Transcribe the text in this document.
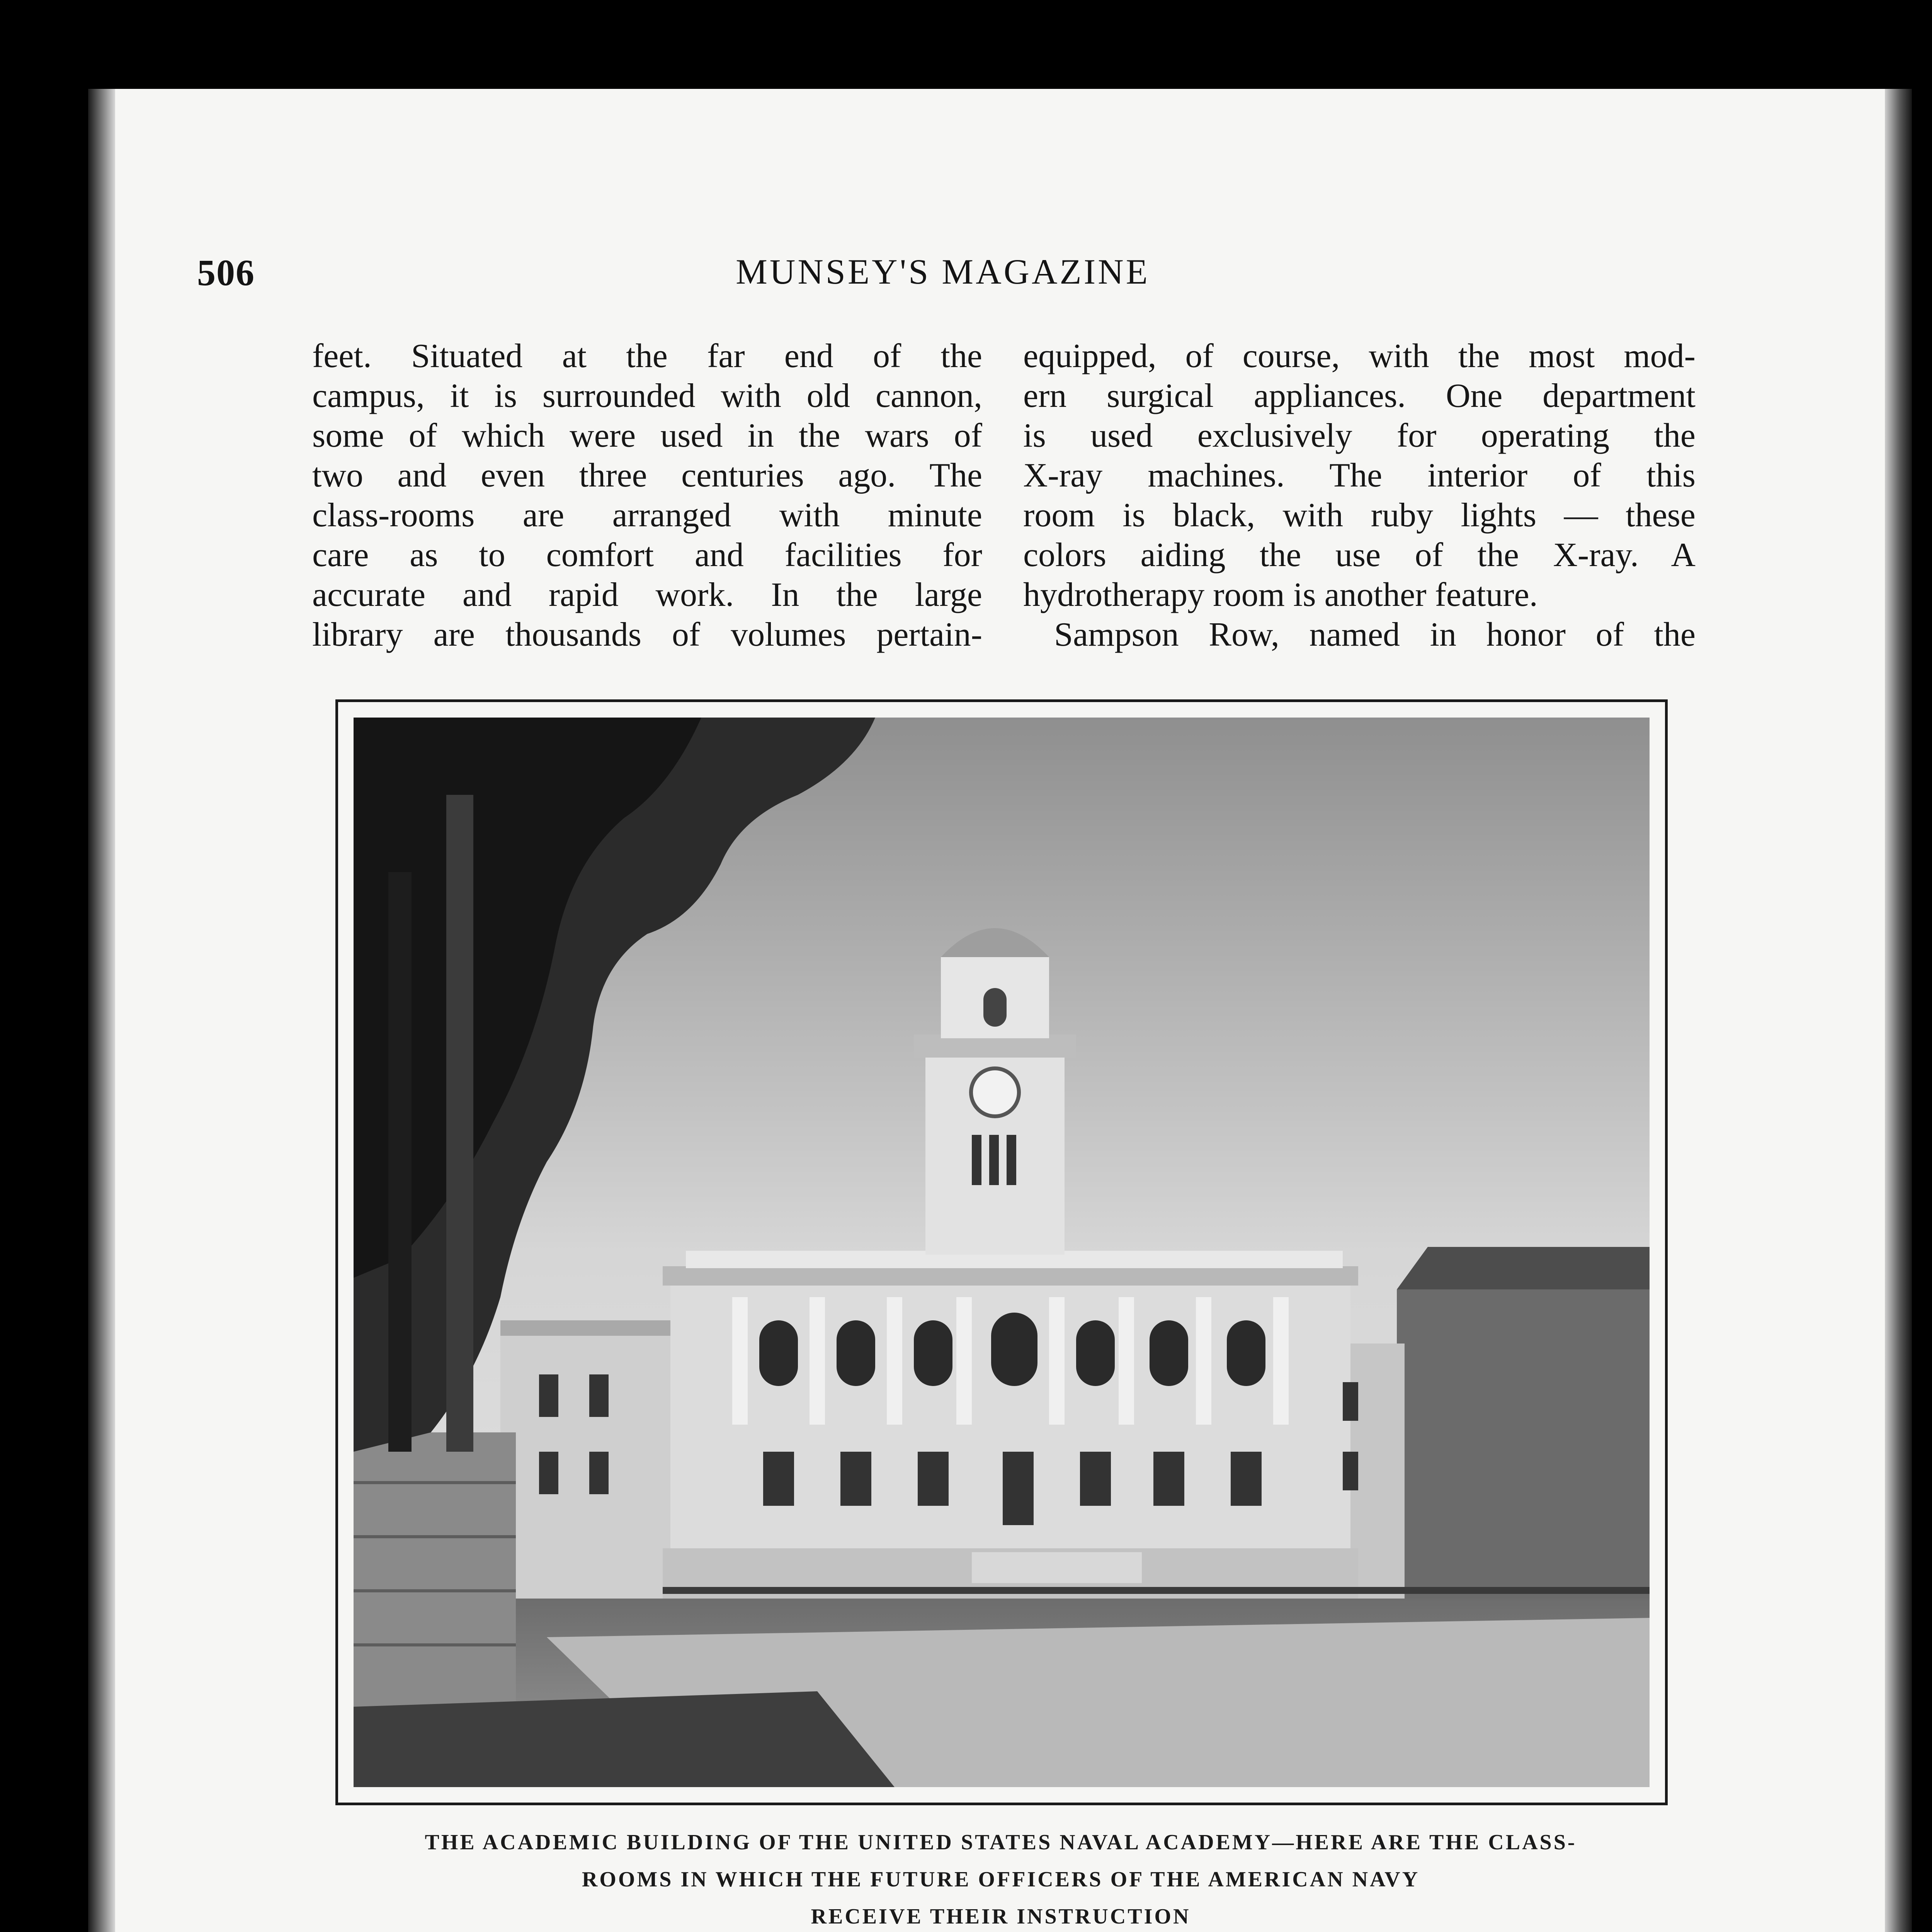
506	MUNSEY'S MAGAZINE
feet. Situated at the far end of the
campus, it is surrounded with old cannon,
some of which were used in the wars of
two and even three centuries ago. The
class-rooms are arranged with minute
care as to comfort and facilities for
accurate and rapid work. In the large
library are thousands of volumes pertain-
equipped, of course, with the most mod-
ern surgical appliances. One department
is used exclusively for operating the
X-ray machines. The interior of this
room is black, with ruby lights — these
colors aiding the use of the X-ray. A
hydrotherapy room is another feature.
Sampson Row, named in honor of the
THE ACADEMIC BUILDING OF THE UNITED STATES NAVAL ACADEMY—HERE ARE THE CLASS-
ROOMS IN WHICH THE FUTURE OFFICERS OF THE AMERICAN NAVY
RECEIVE THEIR INSTRUCTION
